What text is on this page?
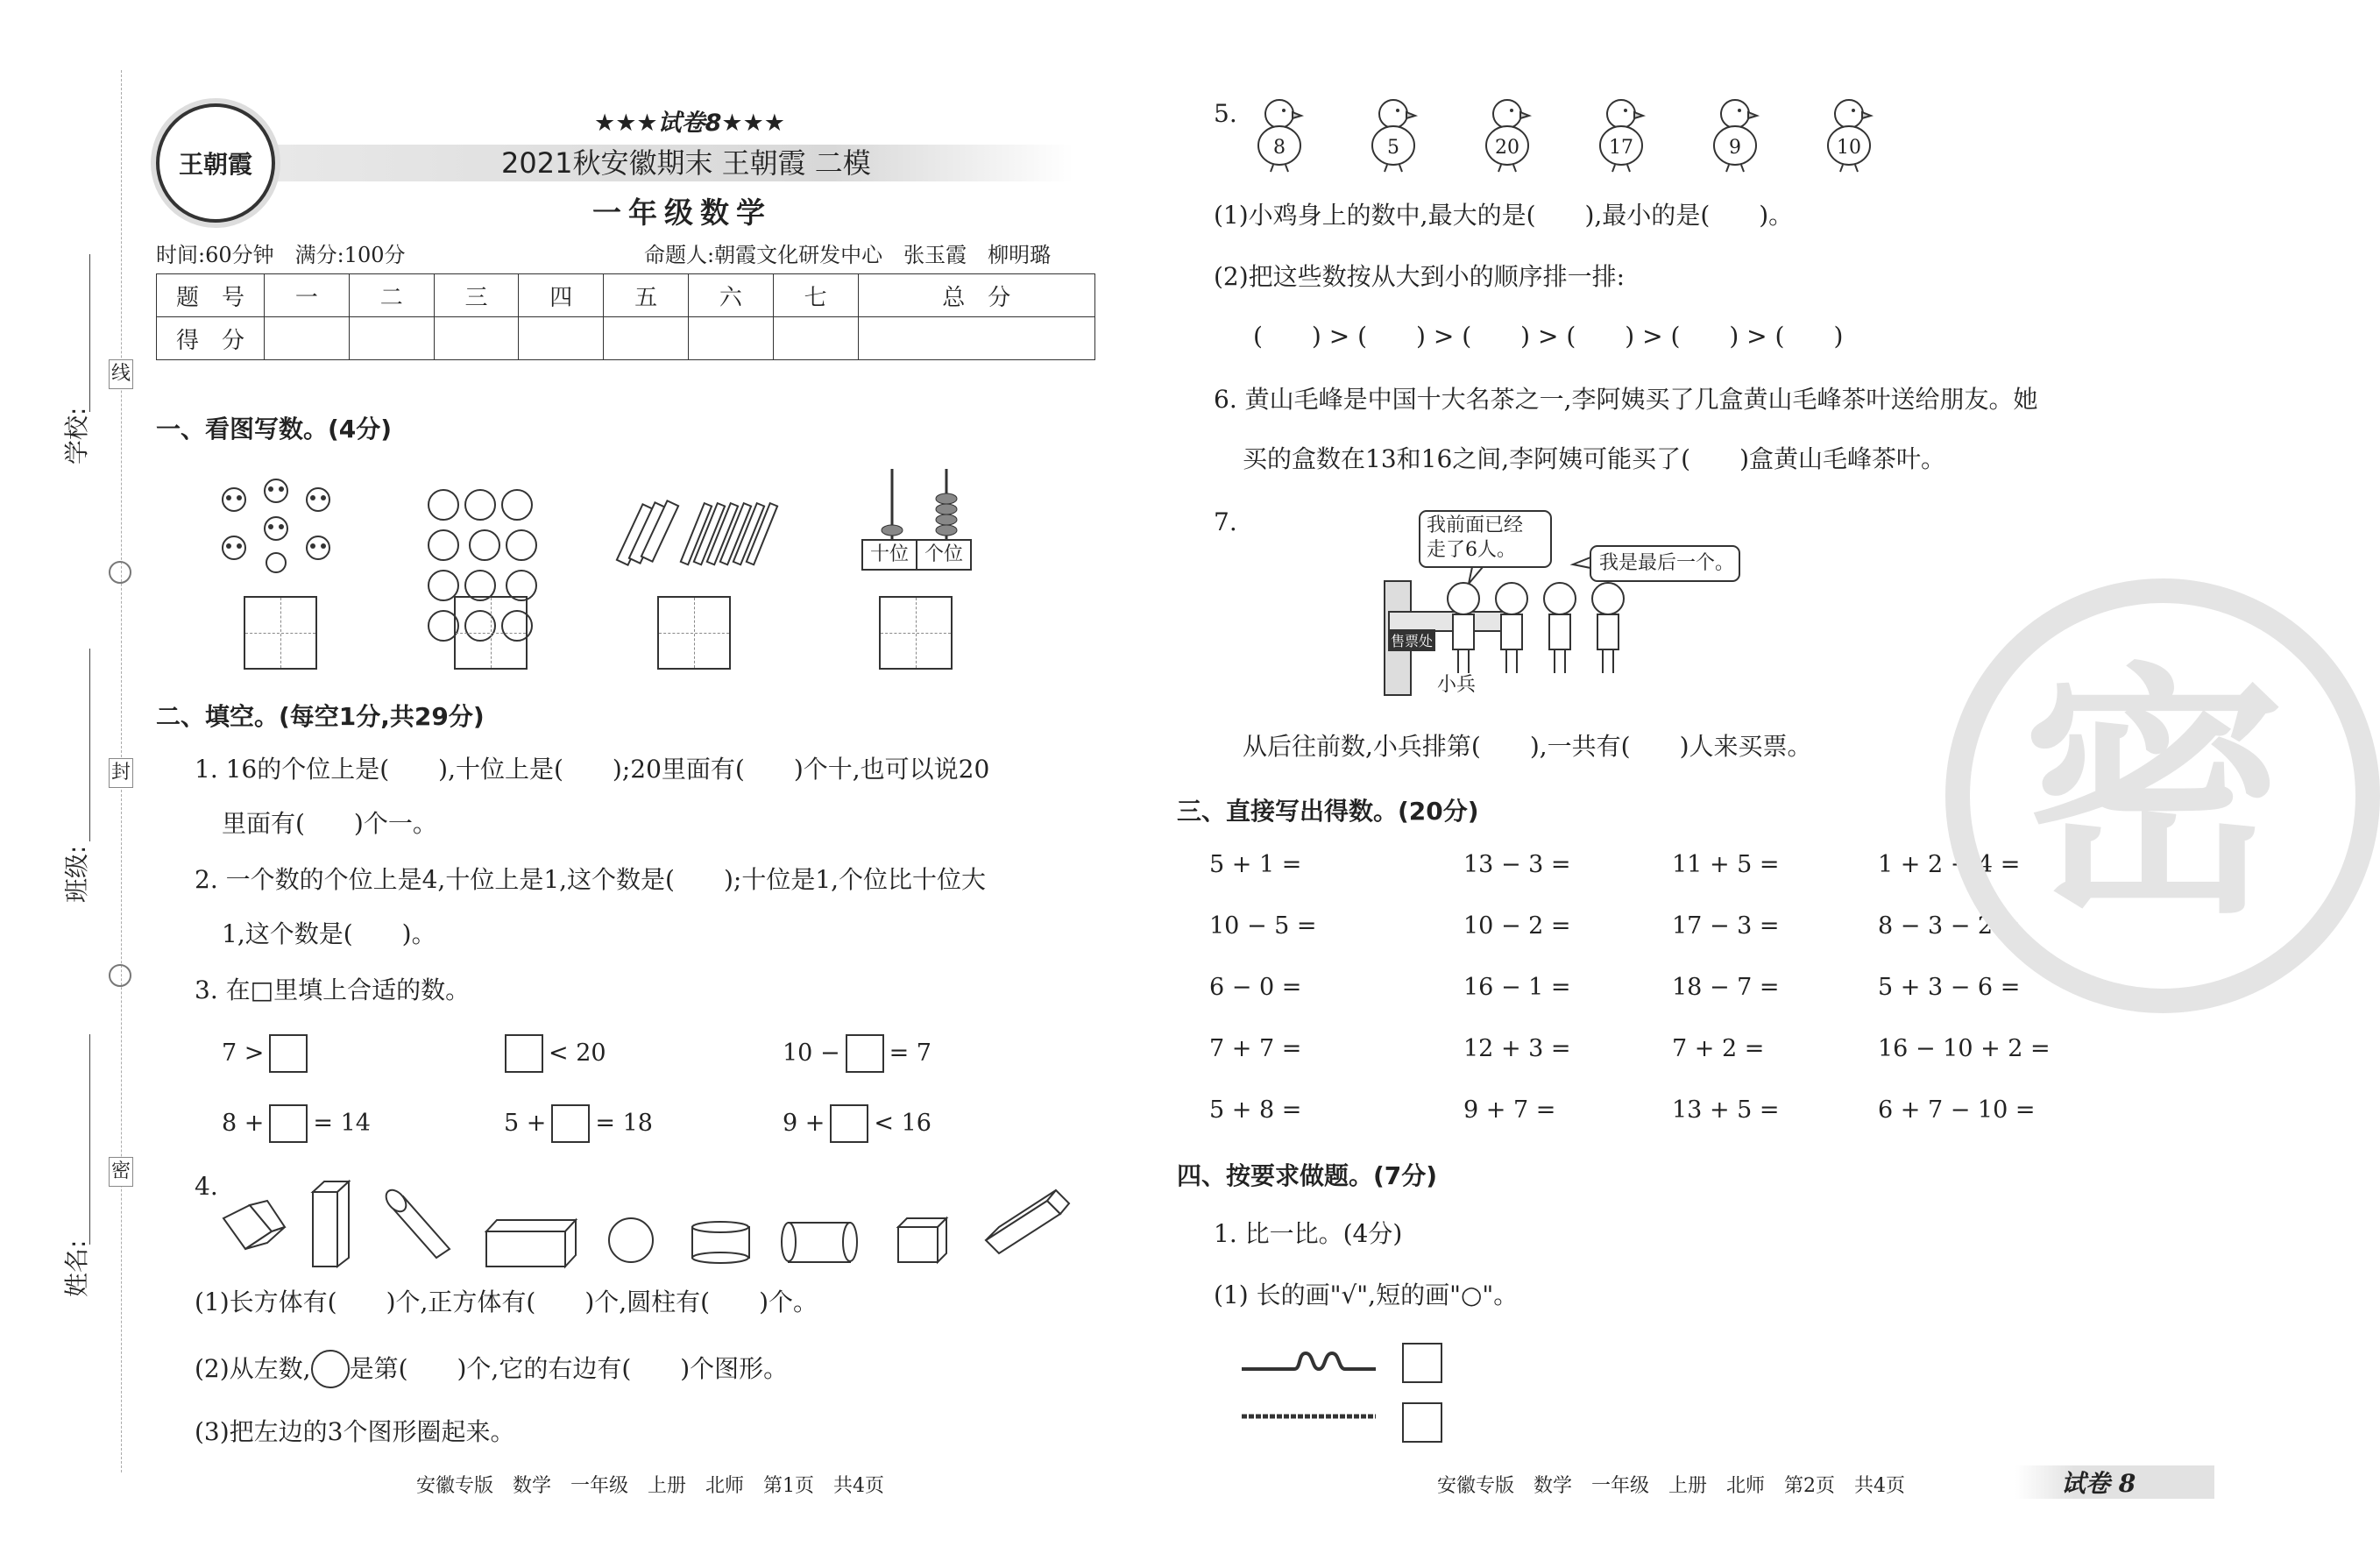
学校:
班级:
姓名:
线
封
密
王朝霞
★★★试卷8★★★
2021秋安徽期末 王朝霞 二模
一年级数学
时间:60分钟　满分:100分	命题人:朝霞文化研发中心　张玉霞　柳明璐
题　号	一	二	三	四	五	六	七	总　分
得　分								
一、看图写数。(4分)

十位 个位
二、填空。(每空1分,共29分)
1. 16的个位上是(　　),十位上是(　　);20里面有(　　)个十,也可以说20
里面有(　　)个一。
2. 一个数的个位上是4,十位上是1,这个数是(　　);十位是1,个位比十位大
1,这个数是(　　)。
3. 在□里填上合适的数。
7 >	< 20	10 − = 7
8 + = 14	5 + = 18	9 + < 16
4.
(1)长方体有(　　)个,正方体有(　　)个,圆柱有(　　)个。
(2)从左数, 是第(　　)个,它的右边有(　　)个图形。
(3)把左边的3个图形圈起来。
安徽专版　数学　一年级　上册　北师　第1页　共4页
5.
8	5	20	17	9	10
(1)小鸡身上的数中,最大的是(　　),最小的是(　　)。
(2)把这些数按从大到小的顺序排一排:
(　　) > (　　) > (　　) > (　　) > (　　) > (　　)
6. 黄山毛峰是中国十大名茶之一,李阿姨买了几盒黄山毛峰茶叶送给朋友。她
买的盒数在13和16之间,李阿姨可能买了(　　)盒黄山毛峰茶叶。
7.	我前面已经
走了6人。
我是最后一个。
售票处
小兵
从后往前数,小兵排第(　　),一共有(　　)人来买票。
三、直接写出得数。(20分)
5 + 1 =	13 − 3 =	11 + 5 =	1 + 2 + 4 =
10 − 5 =	10 − 2 =	17 − 3 =	8 − 3 − 2 =
6 − 0 =	16 − 1 =	18 − 7 =	5 + 3 − 6 =
7 + 7 =	12 + 3 =	7 + 2 =	16 − 10 + 2 =
5 + 8 =	9 + 7 =	13 + 5 =	6 + 7 − 10 =
四、按要求做题。(7分)
1. 比一比。(4分)
(1) 长的画"√",短的画"○"。
安徽专版　数学　一年级　上册　北师　第2页　共4页	试卷 8
密
